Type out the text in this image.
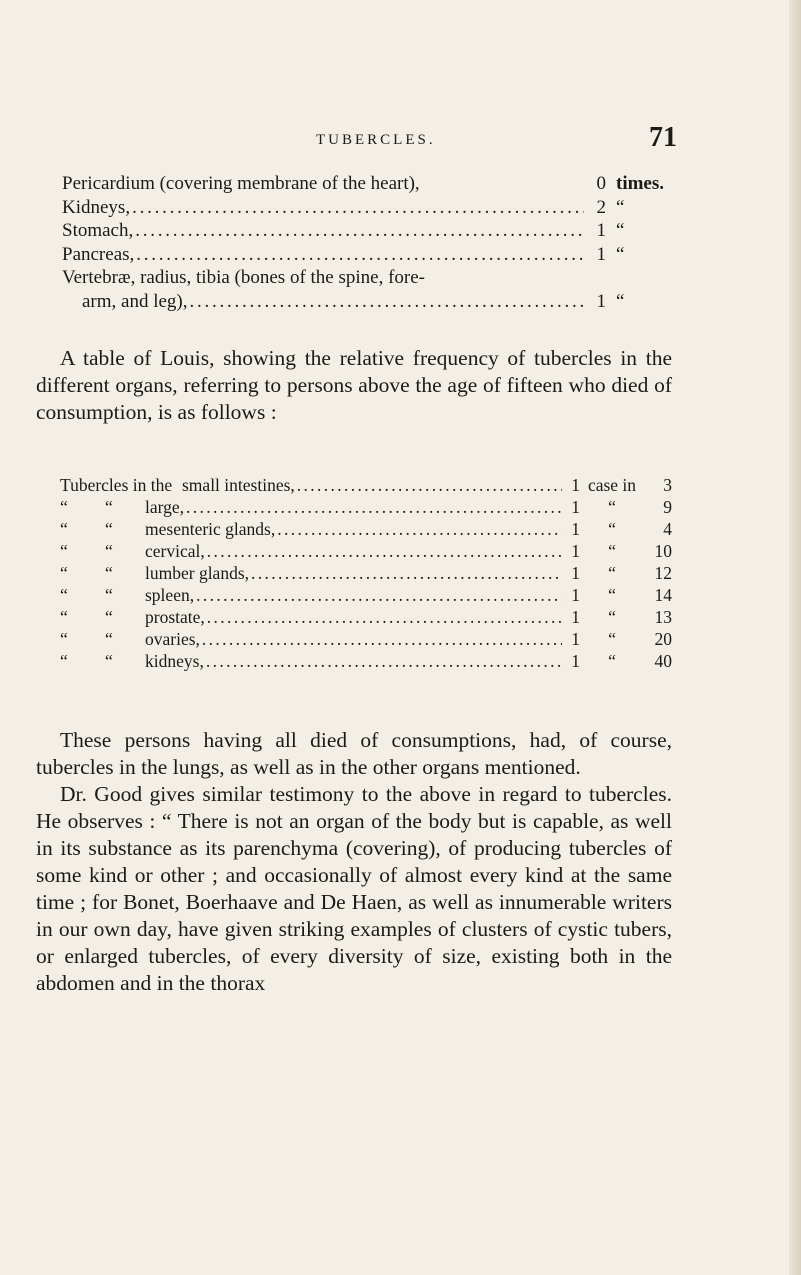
TUBERCLES.	71
Pericardium (covering membrane of the heart),	0 times.
Kidneys, . . .	2 “
Stomach, . . .	1 “
Pancreas, . . .	1 “
Vertebræ, radius, tibia (bones of the spine, fore-
arm, and leg), . . .	1 “

A table of Louis, showing the relative frequency of tubercles in the different organs, referring to persons above the age of fifteen who died of consumption, is as follows :

Tubercles in the small intestines, . . .	1 case in	3
“	“	large, . . .	1	“	9
“	“	mesenteric glands, . . .	1	“	4
“	“	cervical, . . .	1	“	10
“	“	lumber glands, . . .	1	“	12
“	“	spleen, . . .	1	“	14
“	“	prostate, . . .	1	“	13
“	“	ovaries, . . .	1	“	20
“	“	kidneys, . . .	1	“	40

These persons having all died of consumptions, had, of course, tubercles in the lungs, as well as in the other organs mentioned.

Dr. Good gives similar testimony to the above in regard to tubercles. He observes : “ There is not an organ of the body but is capable, as well in its substance as its parenchyma (covering), of producing tubercles of some kind or other ; and occasionally of almost every kind at the same time ; for Bonet, Boerhaave and De Haen, as well as innumerable writers in our own day, have given striking examples of clusters of cystic tubers, or enlarged tubercles, of every diversity of size, existing both in the abdomen and in the thorax
